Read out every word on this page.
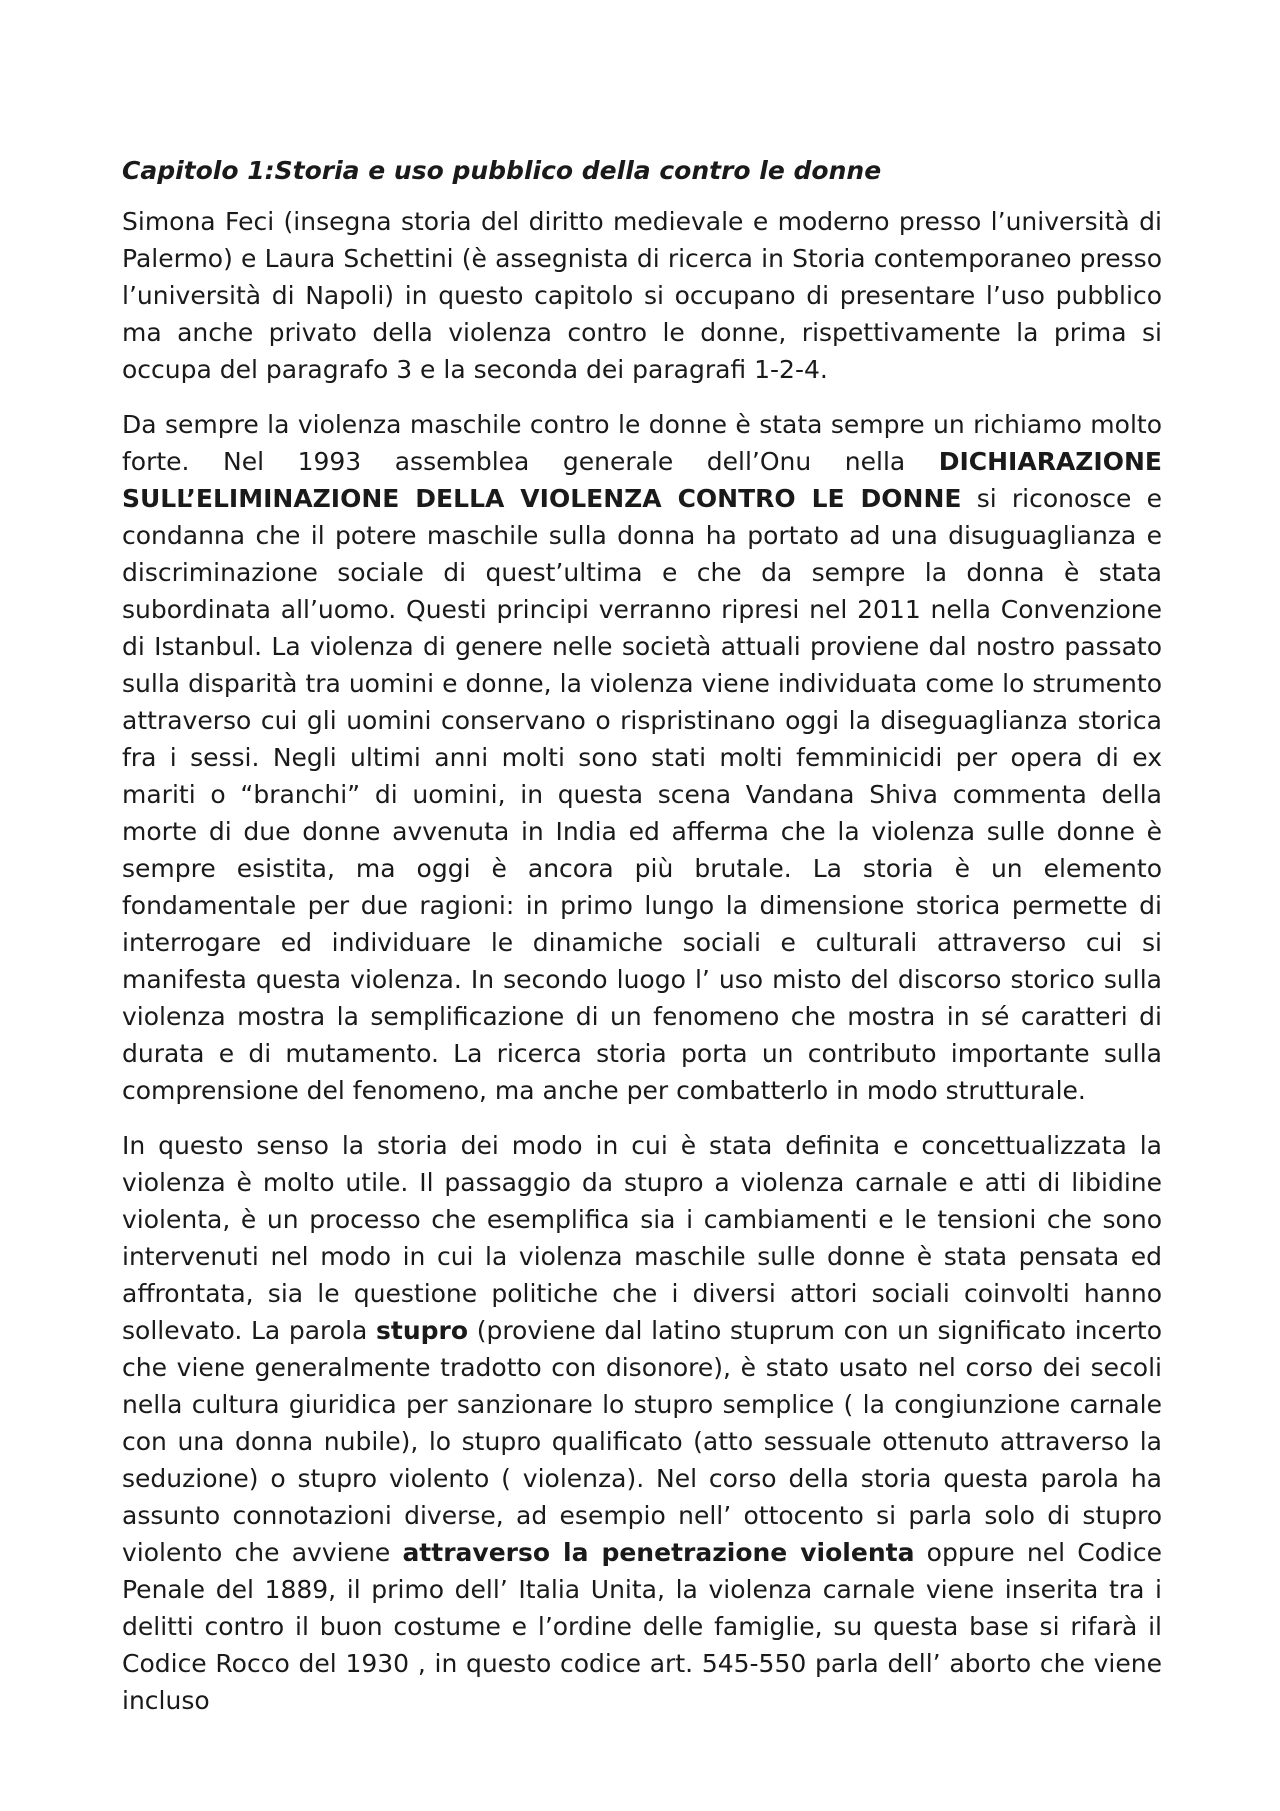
Capitolo 1:Storia e uso pubblico della contro le donne

Simona Feci (insegna storia del diritto medievale e moderno presso l’università di Palermo) e Laura Schettini (è assegnista di ricerca in Storia contemporaneo presso l’università di Napoli) in questo capitolo si occupano di presentare l’uso pubblico ma anche privato della violenza contro le donne, rispettivamente la prima si occupa del paragrafo 3 e la seconda dei paragrafi 1-2-4.

Da sempre la violenza maschile contro le donne è stata sempre un richiamo molto forte. Nel 1993 assemblea generale dell’Onu nella DICHIARAZIONE SULL’ELIMINAZIONE DELLA VIOLENZA CONTRO LE DONNE si riconosce e condanna che il potere maschile sulla donna ha portato ad una disuguaglianza e discriminazione sociale di quest’ultima e che da sempre la donna è stata subordinata all’uomo. Questi principi verranno ripresi nel 2011 nella Convenzione di Istanbul. La violenza di genere nelle società attuali proviene dal nostro passato sulla disparità tra uomini e donne, la violenza viene individuata come lo strumento attraverso cui gli uomini conservano o rispristinano oggi la diseguaglianza storica fra i sessi. Negli ultimi anni molti sono stati molti femminicidi per opera di ex mariti o “branchi” di uomini, in questa scena Vandana Shiva commenta della morte di due donne avvenuta in India ed afferma che la violenza sulle donne è sempre esistita, ma oggi è ancora più brutale. La storia è un elemento fondamentale per due ragioni: in primo lungo la dimensione storica permette di interrogare ed individuare le dinamiche sociali e culturali attraverso cui si manifesta questa violenza. In secondo luogo l’ uso misto del discorso storico sulla violenza mostra la semplificazione di un fenomeno che mostra in sé caratteri di durata e di mutamento. La ricerca storia porta un contributo importante sulla comprensione del fenomeno, ma anche per combatterlo in modo strutturale.

In questo senso la storia dei modo in cui è stata definita e concettualizzata la violenza è molto utile. Il passaggio da stupro a violenza carnale e atti di libidine violenta, è un processo che esemplifica sia i cambiamenti e le tensioni che sono intervenuti nel modo in cui la violenza maschile sulle donne è stata pensata ed affrontata, sia le questione politiche che i diversi attori sociali coinvolti hanno sollevato. La parola stupro (proviene dal latino stuprum con un significato incerto che viene generalmente tradotto con disonore), è stato usato nel corso dei secoli nella cultura giuridica per sanzionare lo stupro semplice ( la congiunzione carnale con una donna nubile), lo stupro qualificato (atto sessuale ottenuto attraverso la seduzione) o stupro violento ( violenza). Nel corso della storia questa parola ha assunto connotazioni diverse, ad esempio nell’ ottocento si parla solo di stupro violento che avviene attraverso la penetrazione violenta oppure nel Codice Penale del 1889, il primo dell’ Italia Unita, la violenza carnale viene inserita tra i delitti contro il buon costume e l’ordine delle famiglie, su questa base si rifarà il Codice Rocco del 1930 , in questo codice art. 545-550 parla dell’ aborto che viene incluso
